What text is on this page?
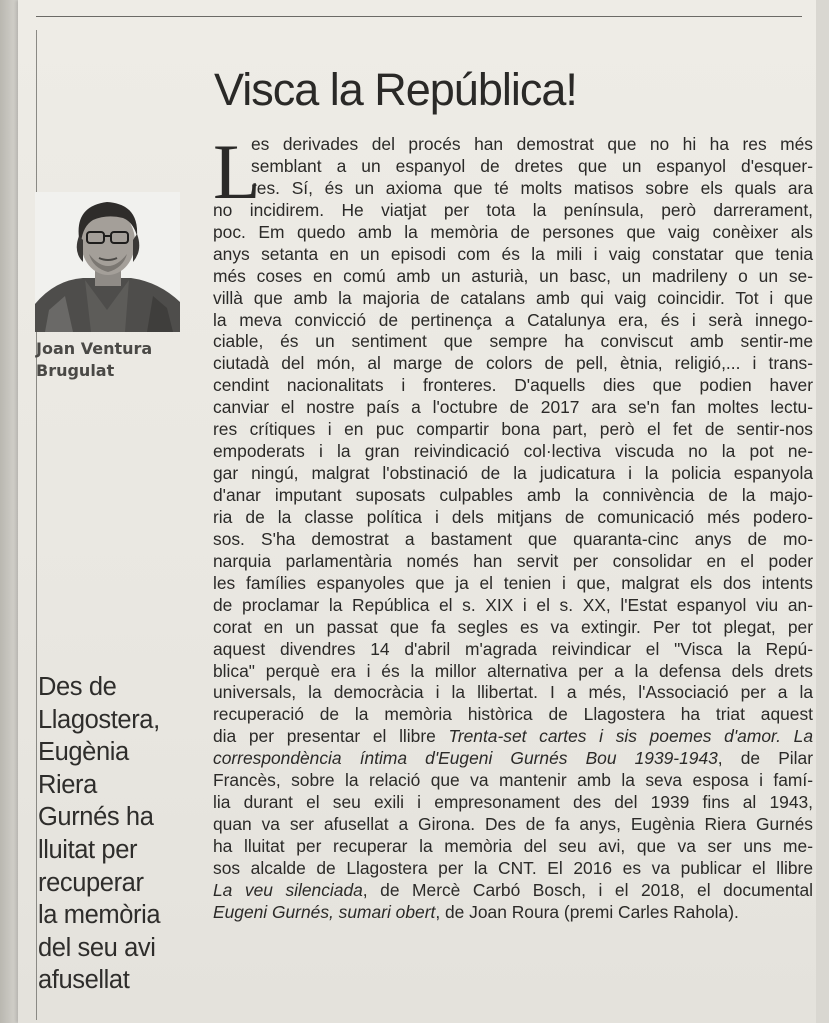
Visca la República!

Joan Ventura
Brugulat

Des de
Llagostera,
Eugènia
Riera
Gurnés ha
lluitat per
recuperar
la memòria
del seu avi
afusellat
L
es derivades del procés han demostrat que no hi ha res més
semblant a un espanyol de dretes que un espanyol d'esquer-
res. Sí, és un axioma que té molts matisos sobre els quals ara
no incidirem. He viatjat per tota la península, però darrerament,
poc. Em quedo amb la memòria de persones que vaig conèixer als
anys setanta en un episodi com és la mili i vaig constatar que tenia
més coses en comú amb un asturià, un basc, un madrileny o un se-
villà que amb la majoria de catalans amb qui vaig coincidir. Tot i que
la meva convicció de pertinença a Catalunya era, és i serà innego-
ciable, és un sentiment que sempre ha conviscut amb sentir-me
ciutadà del món, al marge de colors de pell, ètnia, religió,... i trans-
cendint nacionalitats i fronteres. D'aquells dies que podien haver
canviar el nostre país a l'octubre de 2017 ara se'n fan moltes lectu-
res crítiques i en puc compartir bona part, però el fet de sentir-nos
empoderats i la gran reivindicació col·lectiva viscuda no la pot ne-
gar ningú, malgrat l'obstinació de la judicatura i la policia espanyola
d'anar imputant suposats culpables amb la connivència de la majo-
ria de la classe política i dels mitjans de comunicació més podero-
sos. S'ha demostrat a bastament que quaranta-cinc anys de mo-
narquia parlamentària només han servit per consolidar en el poder
les famílies espanyoles que ja el tenien i que, malgrat els dos intents
de proclamar la República el s. XIX i el s. XX, l'Estat espanyol viu an-
corat en un passat que fa segles es va extingir. Per tot plegat, per
aquest divendres 14 d'abril m'agrada reivindicar el "Visca la Repú-
blica" perquè era i és la millor alternativa per a la defensa dels drets
universals, la democràcia i la llibertat. I a més, l'Associació per a la
recuperació de la memòria històrica de Llagostera ha triat aquest
dia per presentar el llibre Trenta-set cartes i sis poemes d'amor. La
correspondència íntima d'Eugeni Gurnés Bou 1939-1943, de Pilar
Francès, sobre la relació que va mantenir amb la seva esposa i famí-
lia durant el seu exili i empresonament des del 1939 fins al 1943,
quan va ser afusellat a Girona. Des de fa anys, Eugènia Riera Gurnés
ha lluitat per recuperar la memòria del seu avi, que va ser uns me-
sos alcalde de Llagostera per la CNT. El 2016 es va publicar el llibre
La veu silenciada, de Mercè Carbó Bosch, i el 2018, el documental
Eugeni Gurnés, sumari obert, de Joan Roura (premi Carles Rahola).
